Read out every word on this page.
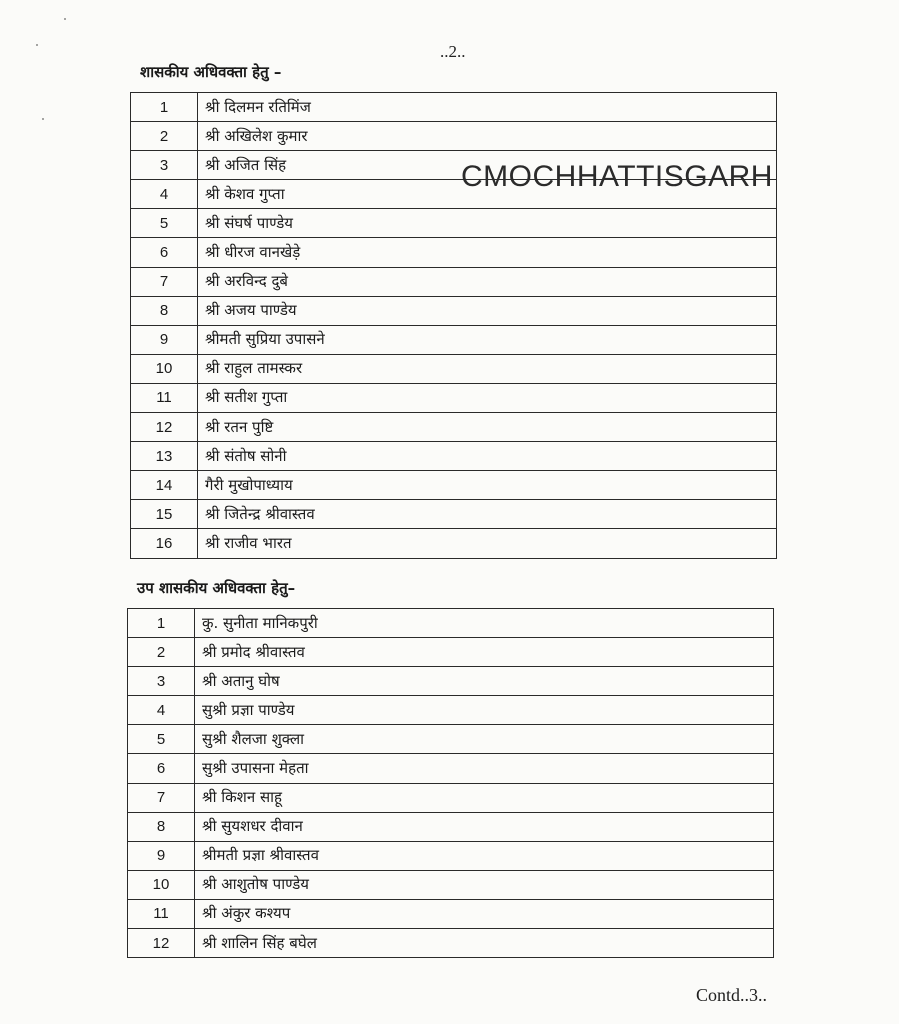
..2..
शासकीय अधिवक्ता हेतु –
1	श्री दिलमन रतिमिंज
2	श्री अखिलेश कुमार
3	श्री अजित सिंह
4	श्री केशव गुप्ता
5	श्री संघर्ष पाण्डेय
6	श्री धीरज वानखेड़े
7	श्री अरविन्द दुबे
8	श्री अजय पाण्डेय
9	श्रीमती सुप्रिया उपासने
10	श्री राहुल तामस्कर
11	श्री सतीश गुप्ता
12	श्री रतन पुष्टि
13	श्री संतोष सोनी
14	गैरी मुखोपाध्याय
15	श्री जितेन्द्र श्रीवास्तव
16	श्री राजीव भारत
CMOCHHATTISGARH
उप शासकीय अधिवक्ता हेतु–
1	कु. सुनीता मानिकपुरी
2	श्री प्रमोद श्रीवास्तव
3	श्री अतानु घोष
4	सुश्री प्रज्ञा पाण्डेय
5	सुश्री शैलजा शुक्ला
6	सुश्री उपासना मेहता
7	श्री किशन साहू
8	श्री सुयशधर दीवान
9	श्रीमती प्रज्ञा श्रीवास्तव
10	श्री आशुतोष पाण्डेय
11	श्री अंकुर कश्यप
12	श्री शालिन सिंह बघेल
Contd..3..
